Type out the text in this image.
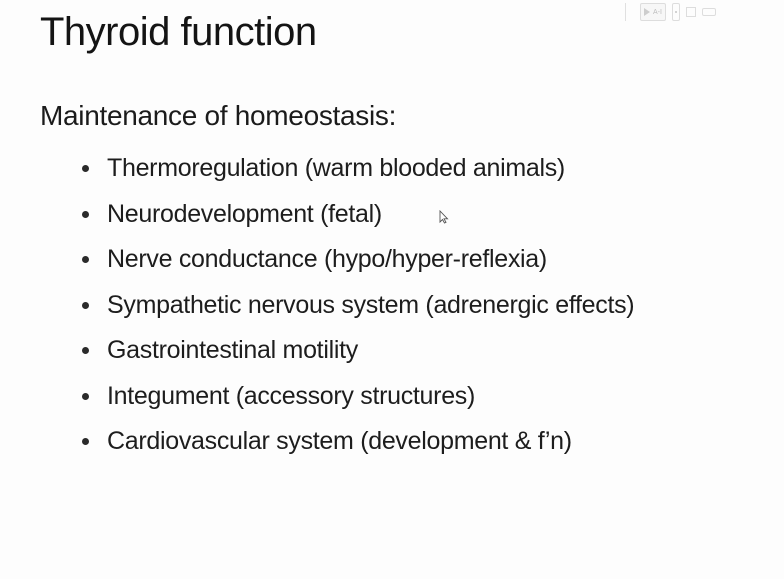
A-I
Thyroid function
Maintenance of homeostasis:
Thermoregulation (warm blooded animals)
Neurodevelopment (fetal)
Nerve conductance (hypo/hyper-reflexia)
Sympathetic nervous system (adrenergic effects)
Gastrointestinal motility
Integument (accessory structures)
Cardiovascular system (development & f’n)
